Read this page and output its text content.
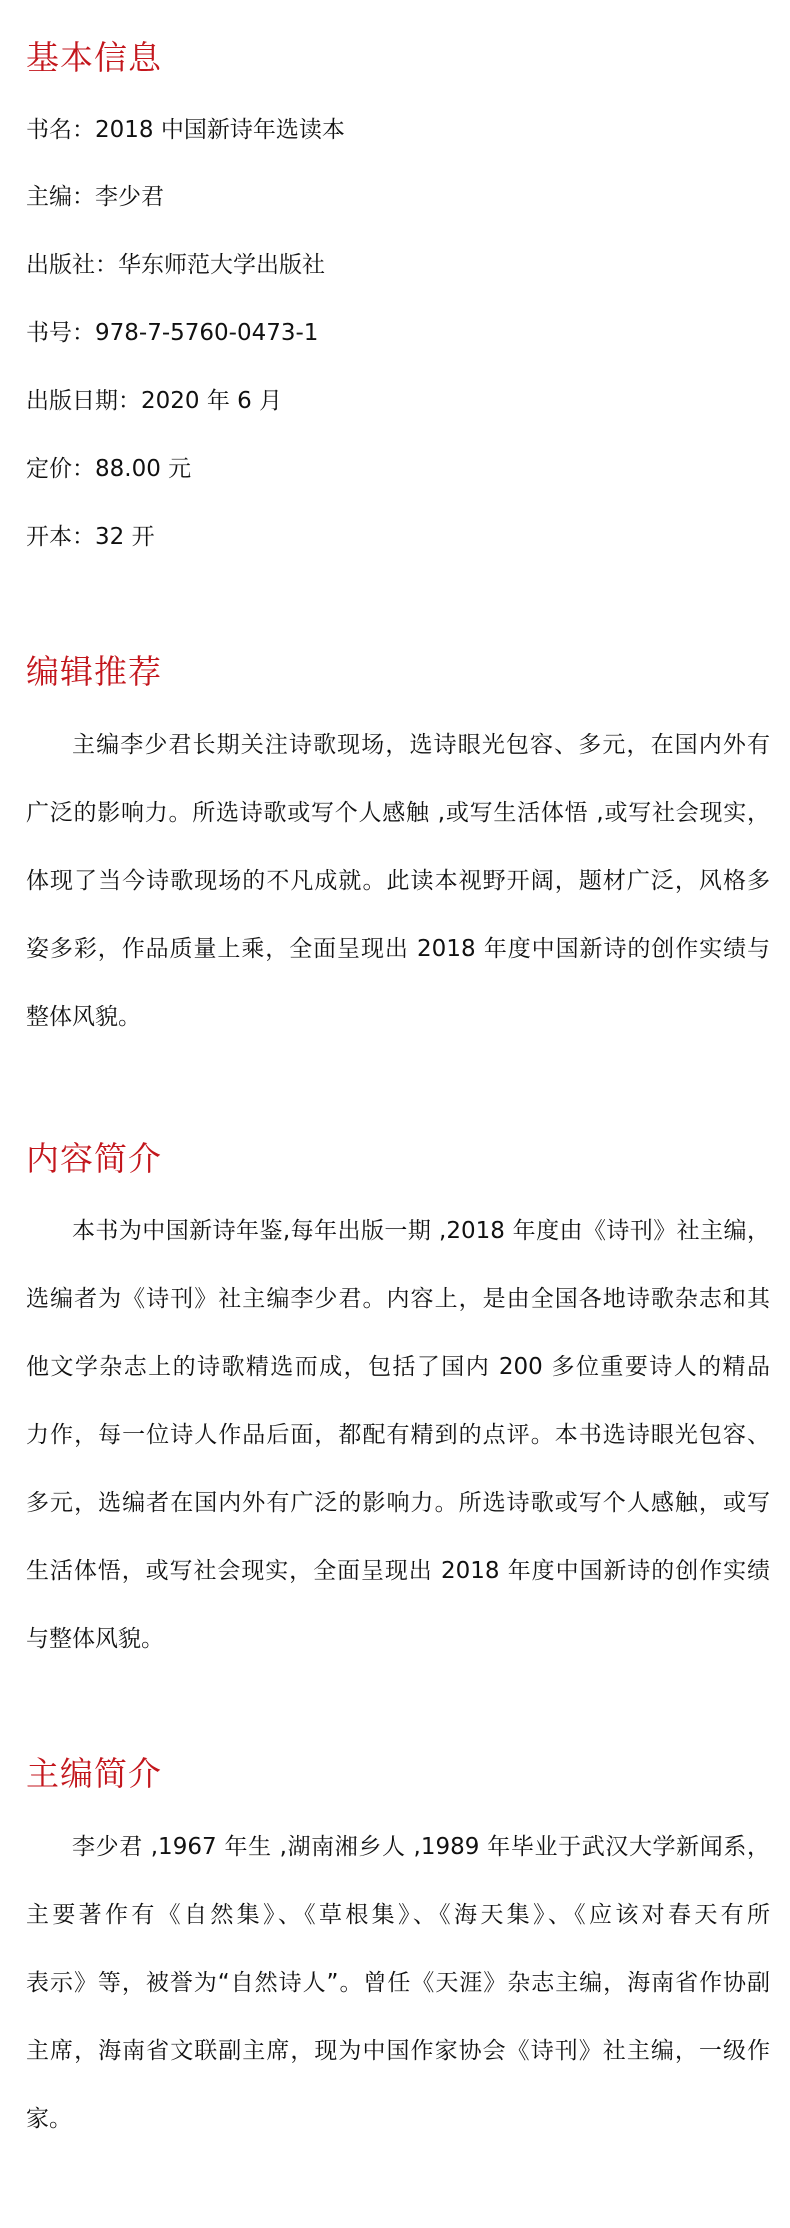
基本信息
书名：2018 中国新诗年选读本
主编：李少君
出版社：华东师范大学出版社
书号：978-7-5760-0473-1
出版日期：2020 年 6 月
定价：88.00 元
开本：32 开
编辑推荐
主编李少君长期关注诗歌现场，选诗眼光包容、多元，在国内外有
广泛的影响力。所选诗歌或写个人感触 ,或写生活体悟 ,或写社会现实，
体现了当今诗歌现场的不凡成就。此读本视野开阔，题材广泛，风格多
姿多彩，作品质量上乘，全面呈现出 2018 年度中国新诗的创作实绩与
整体风貌。
内容简介
本书为中国新诗年鉴,每年出版一期 ,2018 年度由《诗刊》社主编，
选编者为《诗刊》社主编李少君。内容上，是由全国各地诗歌杂志和其
他文学杂志上的诗歌精选而成，包括了国内 200 多位重要诗人的精品
力作，每一位诗人作品后面，都配有精到的点评。本书选诗眼光包容、
多元，选编者在国内外有广泛的影响力。所选诗歌或写个人感触，或写
生活体悟，或写社会现实，全面呈现出 2018 年度中国新诗的创作实绩
与整体风貌。
主编简介
李少君 ,1967 年生 ,湖南湘乡人 ,1989 年毕业于武汉大学新闻系，
主要著作有《自然集》、《草根集》、《海天集》、《应该对春天有所
表示》等，被誉为“自然诗人”。曾任《天涯》杂志主编，海南省作协副
主席，海南省文联副主席，现为中国作家协会《诗刊》社主编，一级作
家。
